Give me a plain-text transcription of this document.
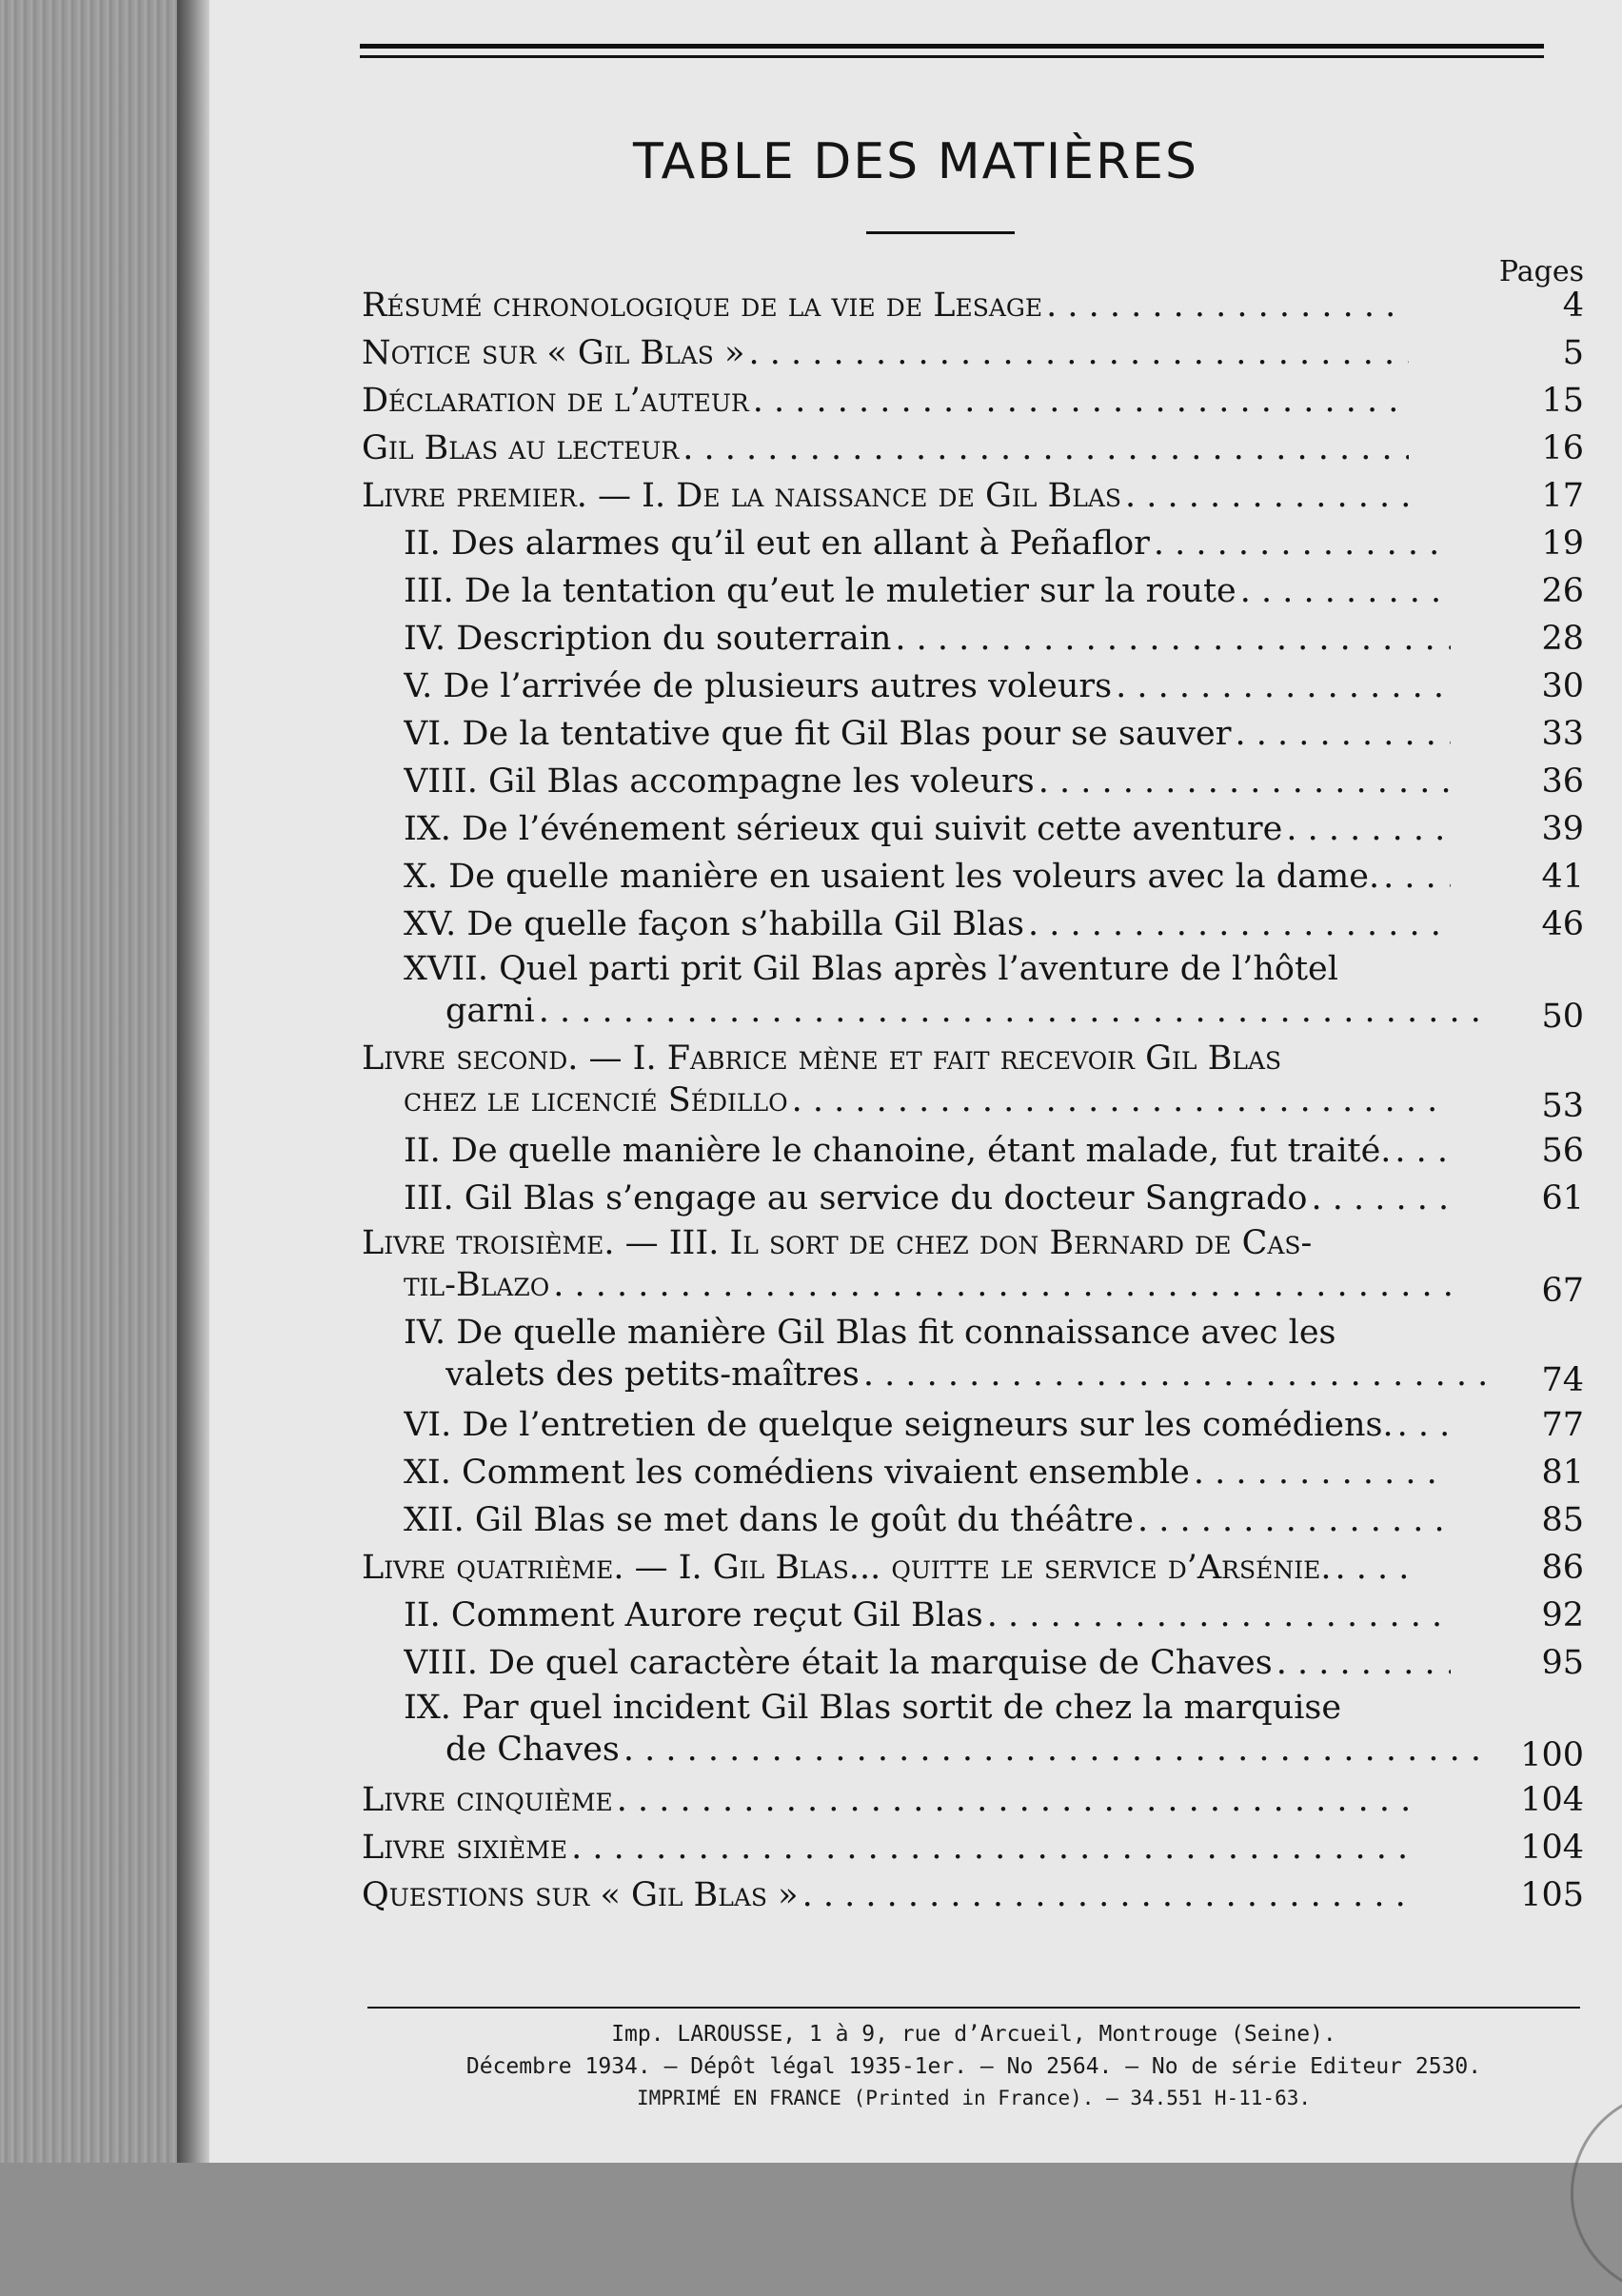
TABLE DES MATIÈRES
Pages
Résumé chronologique de la vie de Lesage . . .	4
Notice sur « Gil Blas » . . .	5
Déclaration de l’auteur . . .	15
Gil Blas au lecteur . . .	16
Livre premier. — I. De la naissance de Gil Blas . . .	17
II. Des alarmes qu’il eut en allant à Peñaflor . . .	19
III. De la tentation qu’eut le muletier sur la route . . .	26
IV. Description du souterrain . . .	28
V. De l’arrivée de plusieurs autres voleurs . . .	30
VI. De la tentative que fit Gil Blas pour se sauver . . .	33
VIII. Gil Blas accompagne les voleurs . . .	36
IX. De l’événement sérieux qui suivit cette aventure . . .	39
X. De quelle manière en usaient les voleurs avec la dame. . . .	41
XV. De quelle façon s’habilla Gil Blas . . .	46
XVII. Quel parti prit Gil Blas après l’aventure de l’hôtel
garni . . .	50
Livre second. — I. Fabrice mène et fait recevoir Gil Blas
chez le licencié Sédillo . . .	53
II. De quelle manière le chanoine, étant malade, fut traité. . . .	56
III. Gil Blas s’engage au service du docteur Sangrado . . .	61
Livre troisième. — III. Il sort de chez don Bernard de Cas-
til-Blazo . . .	67
IV. De quelle manière Gil Blas fit connaissance avec les
valets des petits-maîtres . . .	74
VI. De l’entretien de quelque seigneurs sur les comédiens. . . .	77
XI. Comment les comédiens vivaient ensemble . . .	81
XII. Gil Blas se met dans le goût du théâtre . . .	85
Livre quatrième. — I. Gil Blas... quitte le service d’Arsénie. . . .	86
II. Comment Aurore reçut Gil Blas . . .	92
VIII. De quel caractère était la marquise de Chaves . . .	95
IX. Par quel incident Gil Blas sortit de chez la marquise
de Chaves . . .	100
Livre cinquième . . .	104
Livre sixième . . .	104
Questions sur « Gil Blas » . . .	105
Imp. LAROUSSE, 1 à 9, rue d’Arcueil, Montrouge (Seine).
Décembre 1934. — Dépôt légal 1935-1er. — No 2564. — No de série Editeur 2530.
IMPRIMÉ EN FRANCE (Printed in France). — 34.551 H-11-63.
